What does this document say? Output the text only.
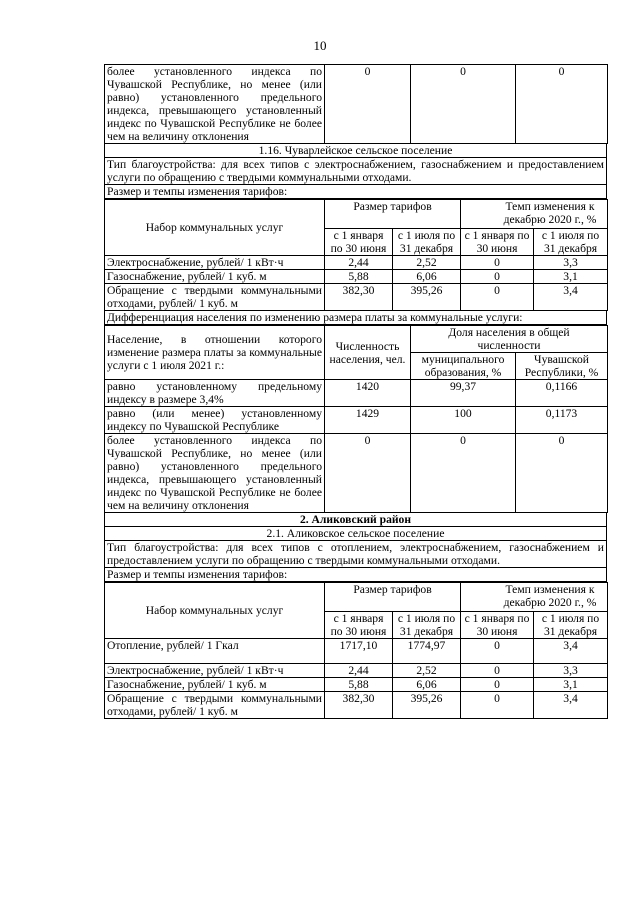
10
более установленного индекса по Чувашской Республике, но менее (или равно) установленного предельного индекса, превышающего установленный индекс по Чувашской Республике не более чем на величину отклонения	0	0	0
1.16. Чуварлейское сельское поселение
Тип благоустройства: для всех типов с электроснабжением, газоснабжением и предоставлением услуги по обращению с твердыми коммунальными отходами.
Размер и темпы изменения тарифов:
Набор коммунальных услуг	Размер тарифов		Темп изменения к декабрю 2020 г., %	
	с 1 января по 30 июня	с 1 июля по 31 декабря	с 1 января по 30 июня	с 1 июля по 31 декабря
Электроснабжение, рублей/ 1 кВт·ч	2,44	2,52	0	3,3
Газоснабжение, рублей/ 1 куб. м	5,88	6,06	0	3,1
Обращение с твердыми коммунальными отходами, рублей/ 1 куб. м	382,30	395,26	0	3,4
Дифференциация населения по изменению размера платы за коммунальные услуги:
Население, в отношении которого изменение размера платы за коммунальные услуги с 1 июля 2021 г.:	Численность населения, чел.	Доля населения в общей численности	
		муниципального образования, %	Чувашской Республики, %
равно установленному предельному индексу в размере 3,4%	1420	99,37	0,1166
равно (или менее) установленному индексу по Чувашской Республике	1429	100	0,1173
более установленного индекса по Чувашской Республике, но менее (или равно) установленного предельного индекса, превышающего установленный индекс по Чувашской Республике не более чем на величину отклонения	0	0	0
2. Аликовский район
2.1. Аликовское сельское поселение
Тип благоустройства: для всех типов с отоплением, электроснабжением, газоснабжением и предоставлением услуги по обращению с твердыми коммунальными отходами.
Размер и темпы изменения тарифов:
Набор коммунальных услуг	Размер тарифов		Темп изменения к декабрю 2020 г., %	
	с 1 января по 30 июня	с 1 июля по 31 декабря	с 1 января по 30 июня	с 1 июля по 31 декабря
Отопление, рублей/ 1 Гкал	1717,10	1774,97	0	3,4
Электроснабжение, рублей/ 1 кВт·ч	2,44	2,52	0	3,3
Газоснабжение, рублей/ 1 куб. м	5,88	6,06	0	3,1
Обращение с твердыми коммунальными отходами, рублей/ 1 куб. м	382,30	395,26	0	3,4
